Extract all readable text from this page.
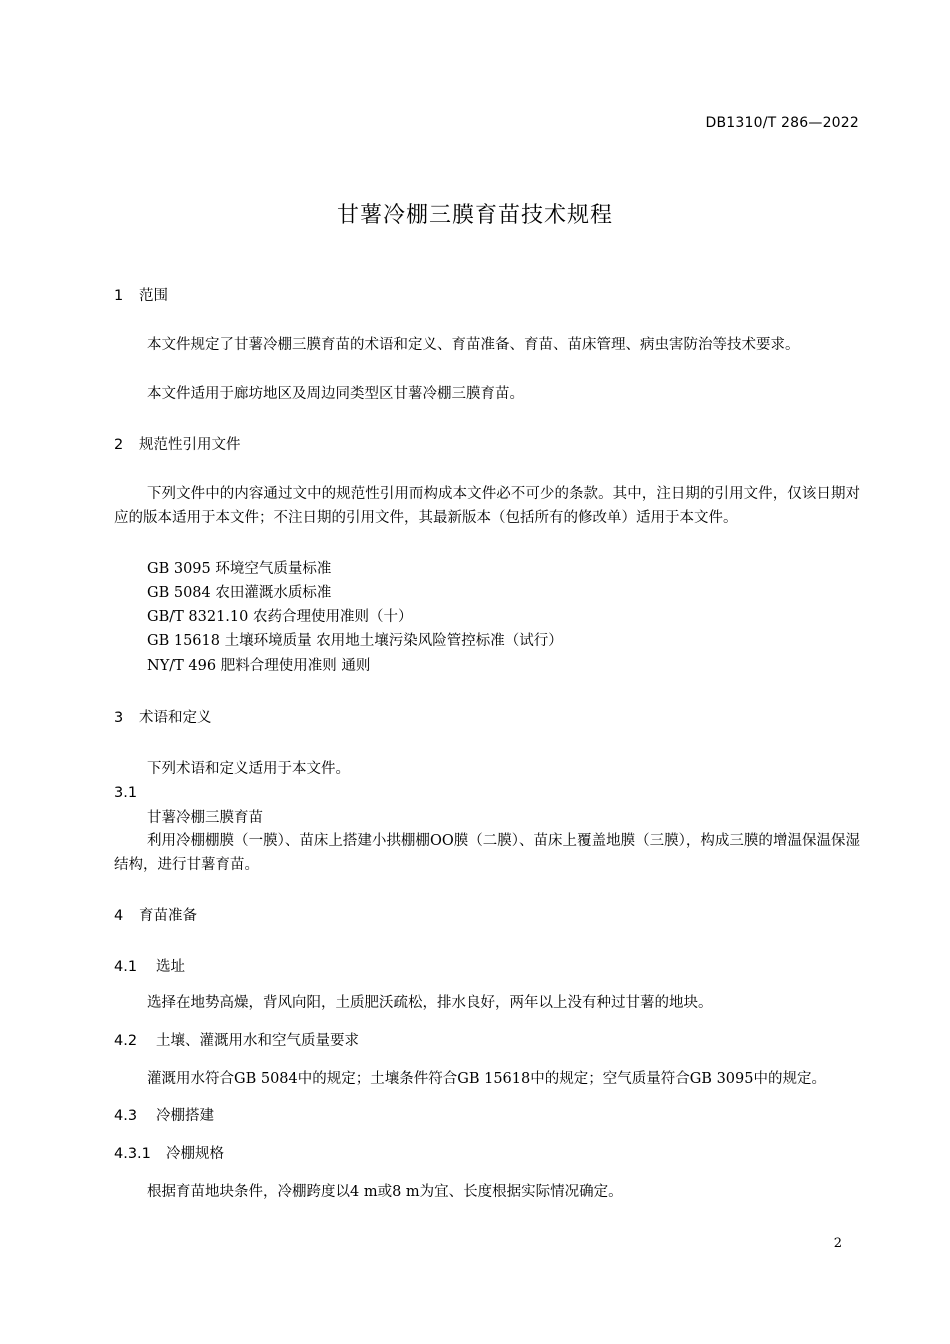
DB1310/T 286—2022
甘薯冷棚三膜育苗技术规程
1 范围
本文件规定了甘薯冷棚三膜育苗的术语和定义、育苗准备、育苗、苗床管理、病虫害防治等技术要求。
本文件适用于廊坊地区及周边同类型区甘薯冷棚三膜育苗。
2 规范性引用文件
下列文件中的内容通过文中的规范性引用而构成本文件必不可少的条款。其中，注日期的引用文件，仅该日期对应的版本适用于本文件；不注日期的引用文件，其最新版本（包括所有的修改单）适用于本文件。
GB 3095 环境空气质量标准
GB 5084 农田灌溉水质标准
GB/T 8321.10 农药合理使用准则（十）
GB 15618 土壤环境质量 农用地土壤污染风险管控标准（试行）
NY/T 496 肥料合理使用准则 通则
3 术语和定义
下列术语和定义适用于本文件。
3.1
甘薯冷棚三膜育苗
利用冷棚棚膜（一膜）、苗床上搭建小拱棚棚OO膜（二膜）、苗床上覆盖地膜（三膜），构成三膜的增温保温保湿结构，进行甘薯育苗。
4 育苗准备
4.1 选址
选择在地势高燥，背风向阳，土质肥沃疏松，排水良好，两年以上没有种过甘薯的地块。
4.2 土壤、灌溉用水和空气质量要求
灌溉用水符合GB 5084中的规定；土壤条件符合GB 15618中的规定；空气质量符合GB 3095中的规定。
4.3 冷棚搭建
4.3.1 冷棚规格
根据育苗地块条件，冷棚跨度以4 m或8 m为宜、长度根据实际情况确定。
2
